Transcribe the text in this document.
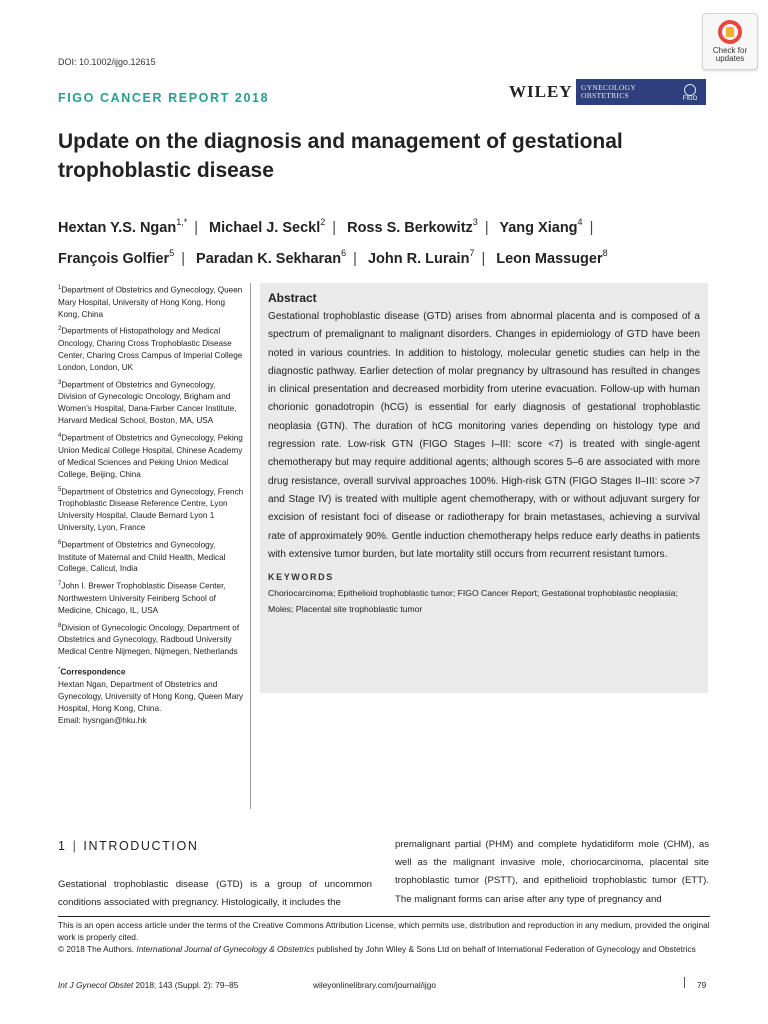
DOI: 10.1002/ijgo.12615
Check for updates
FIGO CANCER REPORT 2018	WILEY	GYNECOLOGY
OBSTETRICS	FIGO
Update on the diagnosis and management of gestational trophoblastic disease
Hextan Y.S. Ngan$^{1,*}$ | Michael J. Seckl$^2$ | Ross S. Berkowitz$^3$ | Yang Xiang$^4$ |
François Golfier$^5$ | Paradan K. Sekharan$^6$ | John R. Lurain$^7$ | Leon Massuger$^8$
$^1$Department of Obstetrics and Gynecology, Queen Mary Hospital, University of Hong Kong, Hong Kong, China
$^2$Departments of Histopathology and Medical Oncology, Charing Cross Trophoblastic Disease Center, Charing Cross Campus of Imperial College London, London, UK
$^3$Department of Obstetrics and Gynecology, Division of Gynecologic Oncology, Brigham and Women’s Hospital, Dana-Farber Cancer Institute, Harvard Medical School, Boston, MA, USA
$^4$Department of Obstetrics and Gynecology, Peking Union Medical College Hospital, Chinese Academy of Medical Sciences and Peking Union Medical College, Beijing, China
$^5$Department of Obstetrics and Gynecology, French Trophoblastic Disease Reference Centre, Lyon University Hospital, Claude Bernard Lyon 1 University, Lyon, France
$^6$Department of Obstetrics and Gynecology, Institute of Maternal and Child Health, Medical College, Calicut, India
$^7$John I. Brewer Trophoblastic Disease Center, Northwestern University Feinberg School of Medicine, Chicago, IL, USA
$^8$Division of Gynecologic Oncology, Department of Obstetrics and Gynecology, Radboud University Medical Centre Nijmegen, Nijmegen, Netherlands
*Correspondence
Hextan Ngan, Department of Obstetrics and Gynecology, University of Hong Kong, Queen Mary Hospital, Hong Kong, China.
Email: hysngan@hku.hk
Abstract
Gestational trophoblastic disease (GTD) arises from abnormal placenta and is composed of a spectrum of premalignant to malignant disorders. Changes in epidemiology of GTD have been noted in various countries. In addition to histology, molecular genetic studies can help in the diagnostic pathway. Earlier detection of molar pregnancy by ultrasound has resulted in changes in clinical presentation and decreased morbidity from uterine evacuation. Follow-up with human chorionic gonadotropin (hCG) is essential for early diagnosis of gestational trophoblastic neoplasia (GTN). The duration of hCG monitoring varies depending on histology type and regression rate. Low-risk GTN (FIGO Stages I–III: score <7) is treated with single-agent chemotherapy but may require additional agents; although scores 5–6 are associated with more drug resistance, overall survival approaches 100%. High-risk GTN (FIGO Stages II–III: score >7 and Stage IV) is treated with multiple agent chemotherapy, with or without adjuvant surgery for excision of resistant foci of disease or radiotherapy for brain metastases, achieving a survival rate of approximately 90%. Gentle induction chemotherapy helps reduce early deaths in patients with extensive tumor burden, but late mortality still occurs from recurrent resistant tumors.
KEYWORDS
Choriocarcinoma; Epithelioid trophoblastic tumor; FIGO Cancer Report; Gestational trophoblastic neoplasia; Moles; Placental site trophoblastic tumor
1 | INTRODUCTION
Gestational trophoblastic disease (GTD) is a group of uncommon conditions associated with pregnancy. Histologically, it includes the
premalignant partial (PHM) and complete hydatidiform mole (CHM), as well as the malignant invasive mole, choriocarcinoma, placental site trophoblastic tumor (PSTT), and epithelioid trophoblastic tumor (ETT). The malignant forms can arise after any type of pregnancy and
This is an open access article under the terms of the Creative Commons Attribution License, which permits use, distribution and reproduction in any medium, provided the original work is properly cited.
© 2018 The Authors. International Journal of Gynecology & Obstetrics published by John Wiley & Sons Ltd on behalf of International Federation of Gynecology and Obstetrics
Int J Gynecol Obstet 2018; 143 (Suppl. 2): 79–85	wileyonlinelibrary.com/journal/ijgo	79
